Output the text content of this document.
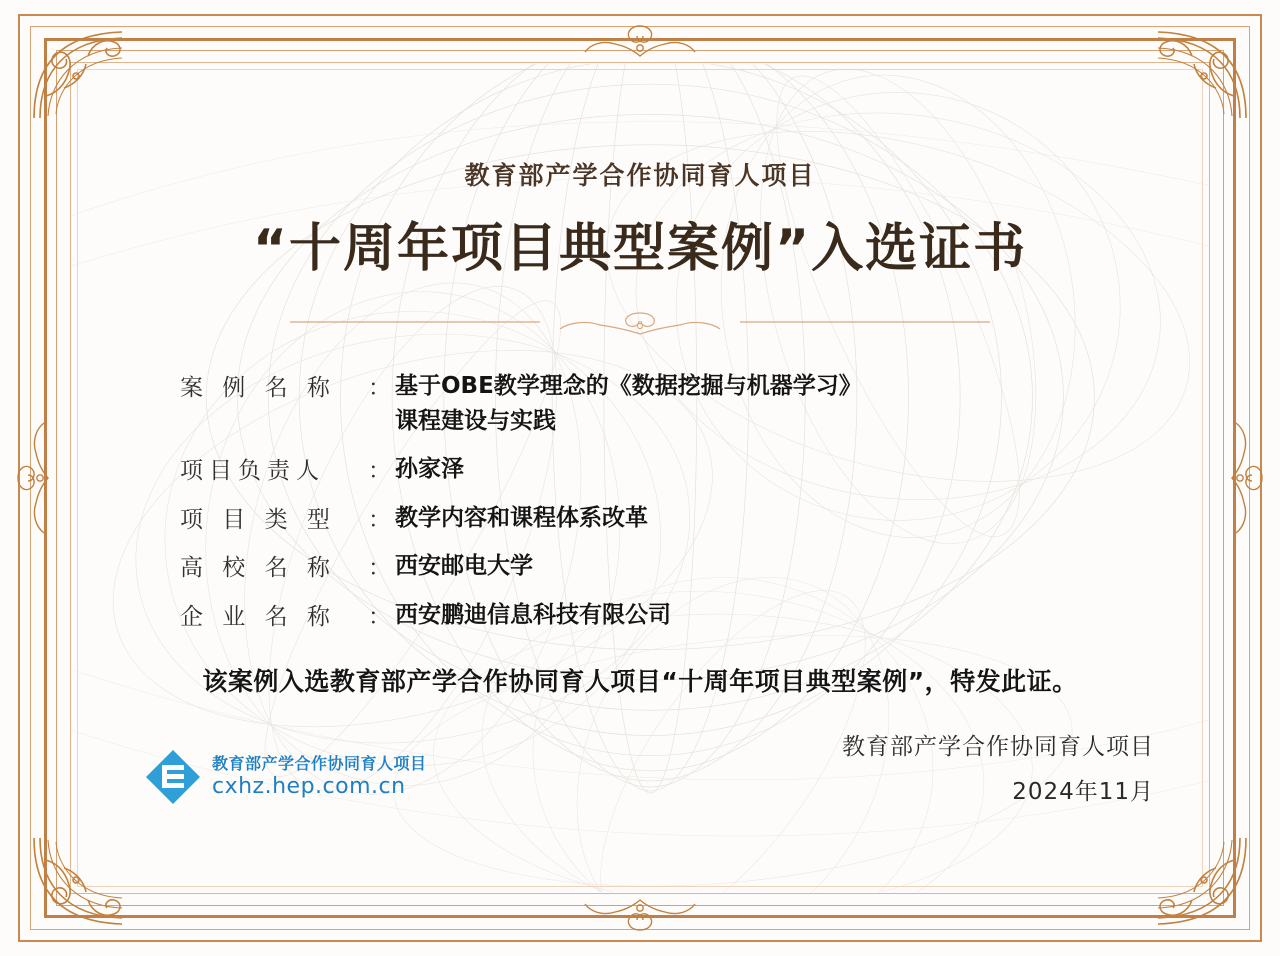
教育部产学合作协同育人项目
“十周年项目典型案例”入选证书
案 例 名 称	： 基于OBE教学理念的《数据挖掘与机器学习》
课程建设与实践
项目负责人	： 孙家泽
项 目 类 型	： 教学内容和课程体系改革
高 校 名 称	： 西安邮电大学
企 业 名 称	： 西安鹏迪信息科技有限公司
该案例入选教育部产学合作协同育人项目“十周年项目典型案例”，特发此证。
教育部产学合作协同育人项目
cxhz.hep.com.cn
教育部产学合作协同育人项目
2024年11月
